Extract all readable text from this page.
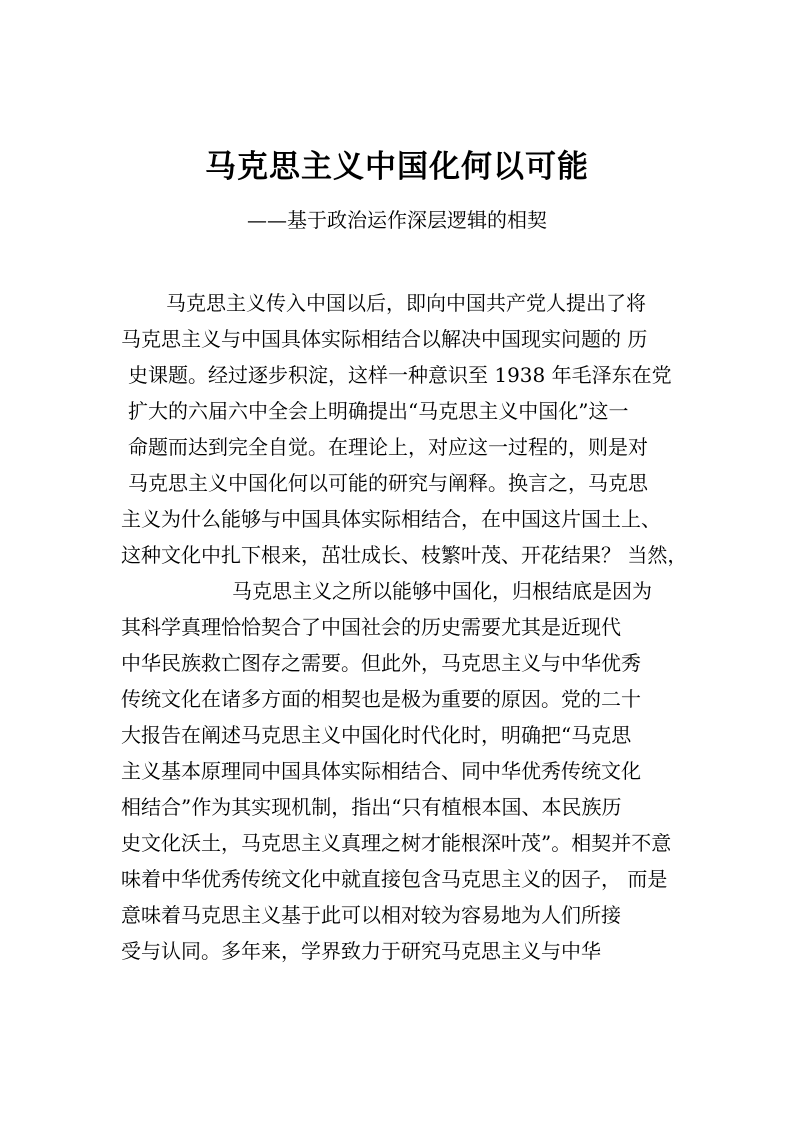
马克思主义中国化何以可能
——基于政治运作深层逻辑的相契
马克思主义传入中国以后，即向中国共产党人提出了将
马克思主义与中国具体实际相结合以解决中国现实问题的 历
史课题。经过逐步积淀，这样一种意识至 1938 年毛泽东在党
扩大的六届六中全会上明确提出“马克思主义中国化”这一
命题而达到完全自觉。在理论上，对应这一过程的，则是对
马克思主义中国化何以可能的研究与阐释。换言之，马克思
主义为什么能够与中国具体实际相结合，在中国这片国土上、
这种文化中扎下根来，茁壮成长、枝繁叶茂、开花结果？ 当然，
马克思主义之所以能够中国化，归根结底是因为
其科学真理恰恰契合了中国社会的历史需要尤其是近现代
中华民族救亡图存之需要。但此外，马克思主义与中华优秀
传统文化在诸多方面的相契也是极为重要的原因。党的二十
大报告在阐述马克思主义中国化时代化时，明确把“马克思
主义基本原理同中国具体实际相结合、同中华优秀传统文化
相结合”作为其实现机制，指出“只有植根本国、本民族历
史文化沃土，马克思主义真理之树才能根深叶茂”。相契并不意
味着中华优秀传统文化中就直接包含马克思主义的因子， 而是
意味着马克思主义基于此可以相对较为容易地为人们所接
受与认同。多年来，学界致力于研究马克思主义与中华
